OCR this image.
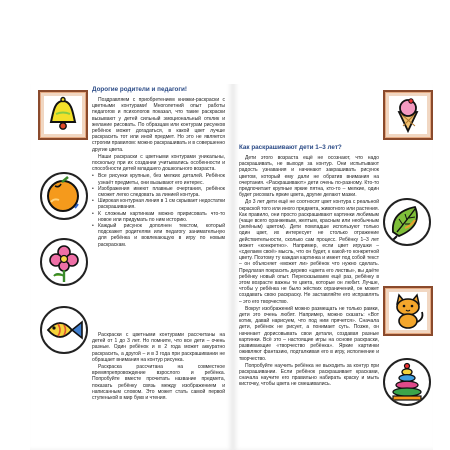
Дорогие родители и педагоги!

Поздравляем с приобретением книжки-раскраски с цветными контурами! Многолетний опыт работы педагогов и психологов показал, что такие раскраски вызывают у детей сильный эмоциональный отклик и желание рисовать. По образцам или контурам рисунков ребёнок может догадаться, в какой цвет лучше раскрасить тот или иной предмет. Но это не является строгим правилом: можно раскрашивать и в совершенно другие цвета.

Наши раскраски с цветными контурами уникальны, поскольку при их создании учитывались особенности и способности детей младшего дошкольного возраста.

• Все рисунки крупные, без мелких деталей. Ребёнок узнаёт предметы, они вызывают его интерес.
• Изображения имеют плавные очертания, ребёнок сможет легко следовать за линией контура.
• Широкая контурная линия в 1 см скрывает недостатки раскрашивания.
• К сложным картинкам можно пририсовать что-то новое или придумать по ним историю.
• Каждый рисунок дополнен текстом, который подскажет родителям или педагогу занимательную для ребёнка и вовлекающую в игру по новым раскраскам.

Раскраски с цветными контурами рассчитаны на детей от 1 до 3 лет. Но помните, что все дети – очень разные. Один ребёнок и в 2 года может аккуратно раскрасить, а другой – и в 3 года при раскрашивании не обращает внимания на контур рисунка.

Раскраска рассчитана на совместное времяпрепровождение взрослого и ребёнка. Попробуйте вместе прочитать название предмета, показать ребёнку связь между изображением и написанным словом. Это может стать самой первой ступенькой в мир букв и чтения.

Как раскрашивают дети 1–3 лет?

Дети этого возраста ещё не осознают, что надо раскрашивать, не выходя за контур. Они испытывают радость узнавания и начинают закрашивать рисунок цветом, который ему дали не обратив внимания на очертания. «Раскрашивают» дети очень по-разному. Кто-то предпочитает крупные яркие пятна, кто-то – мелкие, один будет рисовать яркие цвета, другие делают мазки.

До 3 лет дети ещё не соотносят цвет контура с реальной окраской того или иного предмета, животного или растения. Как правило, они просто раскрашивают картинки любимым (чаще всего оранжевым, желтым, красным или необычным (зелёным) цветом). Дети помладше используют только один цвет, их интересует не столько отражение действительности, сколько сам процесс. Ребёнку 1–3 лет может «конкретно». Например, если цвет игрушки – «сделаем своё» мысль, что он будет, к какой-то конкретной цвету. Поэтому ту каждая картинка и имеет под собой текст – он объясняет «может ли» ребёнок что нужно сделать. Предлагая покрасить дерево «цвета его листвы», вы даёте ребёнку новый опыт. Пересказываем ещё раз, ребёнку в этом возрасте важны те цвета, которые он любит. Лучше, чтобы у ребёнка не было жёстких ограничений, он может создавать свою раскраску. Не заставляйте его исправлять – это его творчество.

Вокруг изображений можно размещать не только рамки, дети это очень любят. Например, можно сказать: «Вот котик, давай нарисуем, что под ним прячется». Сначала дети, ребёнок не рисует, а понимает суть. Позже, он начинает дорисовывать свои детали, создавая разные картинки. Всё это – настоящие игры на основе раскраски, развивающие «творчество ребёнка». Яркие картинки оживляют фантазию, подталкивая его в игру, исполнение и творчество.

Попробуйте научить ребёнка не выходить за контур при раскрашивании. Если ребёнок раскрашивает красками, сначала научите его правильно набирать краску и мыть кисточку, чтобы цвета не смешивались.
